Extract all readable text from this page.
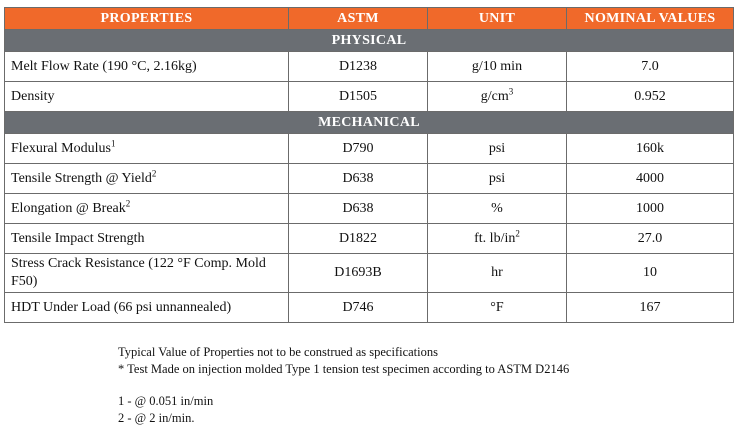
PROPERTIES	ASTM	UNIT	NOMINAL VALUES
PHYSICAL			
Melt Flow Rate (190 °C, 2.16kg)	D1238	g/10 min	7.0
Density	D1505	$g/cm^3$	0.952
MECHANICAL			
Flexural Modulus$^1$	D790	psi	160k
Tensile Strength @ Yield$^2$	D638	psi	4000
Elongation @ Break$^2$	D638	%	1000
Tensile Impact Strength	D1822	ft. $lb/in^2$	27.0
Stress Crack Resistance (122 °F Comp. Mold F50)	D1693B	hr	10
HDT Under Load (66 psi unnannealed)	D746	°F	167
Typical Value of Properties not to be construed as specifications
* Test Made on injection molded Type 1 tension test specimen according to ASTM D2146
1 - @ 0.051 in/min
2 - @ 2 in/min.
